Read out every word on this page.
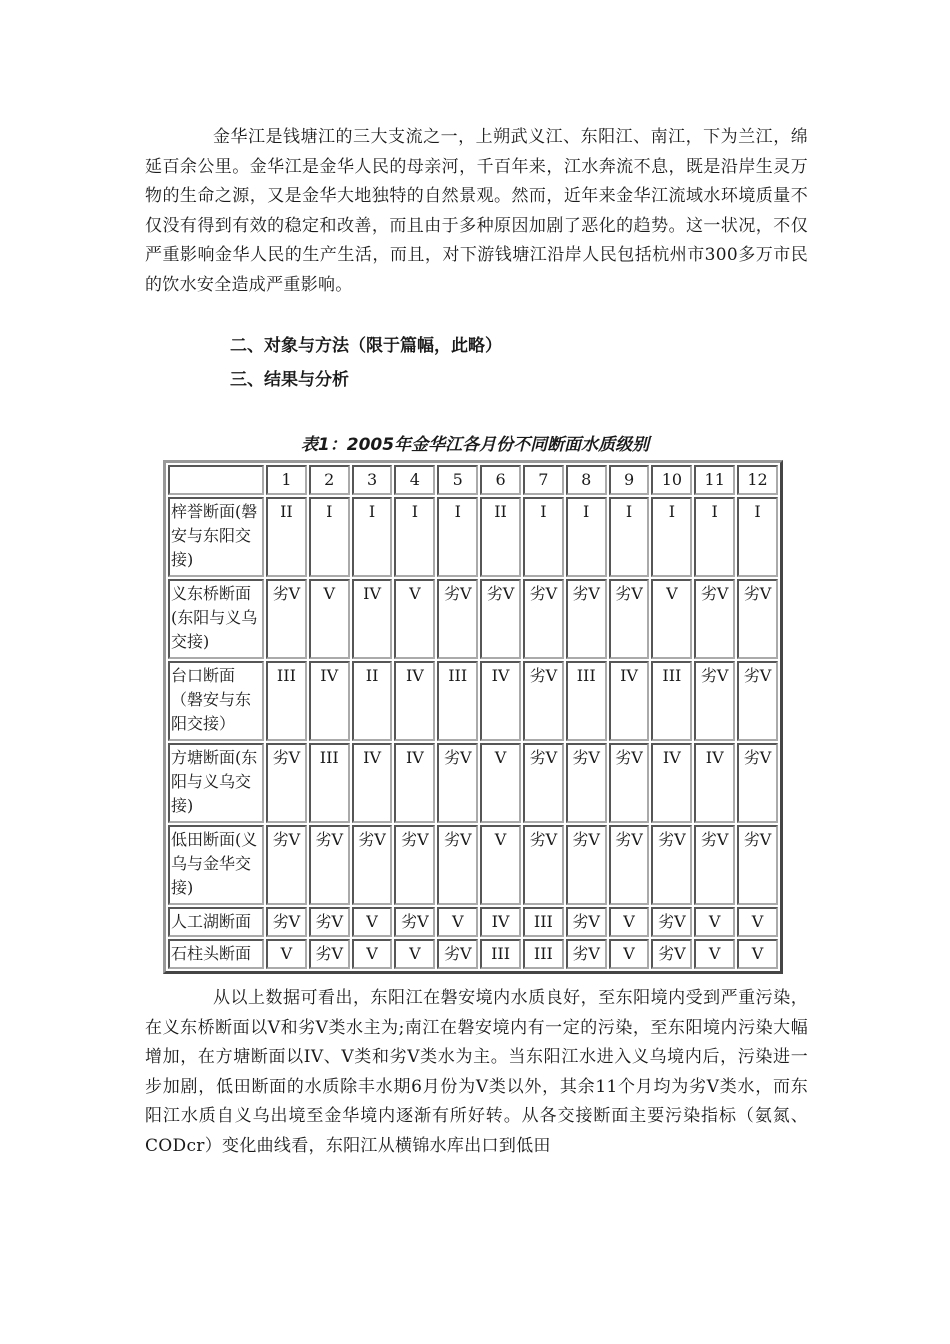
金华江是钱塘江的三大支流之一，上朔武义江、东阳江、南江，下为兰江，绵延百余公里。金华江是金华人民的母亲河，千百年来，江水奔流不息，既是沿岸生灵万物的生命之源，又是金华大地独特的自然景观。然而，近年来金华江流域水环境质量不仅没有得到有效的稳定和改善，而且由于多种原因加剧了恶化的趋势。这一状况，不仅严重影响金华人民的生产生活，而且，对下游钱塘江沿岸人民包括杭州市300多万市民的饮水安全造成严重影响。

二、对象与方法（限于篇幅，此略）

三、结果与分析

表1：2005年金华江各月份不同断面水质级别

	1	2	3	4	5	6	7	8	9	10	11	12
梓誉断面(磐安与东阳交接)	II	I	I	I	I	II	I	I	I	I	I	I
义东桥断面(东阳与义乌交接)	劣V	V	IV	V	劣V	劣V	劣V	劣V	劣V	V	劣V	劣V
台口断面（磐安与东阳交接）	III	IV	II	IV	III	IV	劣V	III	IV	III	劣V	劣V
方塘断面(东阳与义乌交接)	劣V	III	IV	IV	劣V	V	劣V	劣V	劣V	IV	IV	劣V
低田断面(义乌与金华交接)	劣V	劣V	劣V	劣V	劣V	V	劣V	劣V	劣V	劣V	劣V	劣V
人工湖断面	劣V	劣V	V	劣V	V	IV	III	劣V	V	劣V	V	V
石柱头断面	V	劣V	V	V	劣V	III	III	劣V	V	劣V	V	V

从以上数据可看出，东阳江在磐安境内水质良好，至东阳境内受到严重污染，在义东桥断面以V和劣V类水主为;南江在磐安境内有一定的污染，至东阳境内污染大幅增加，在方塘断面以IV、V类和劣V类水为主。当东阳江水进入义乌境内后，污染进一步加剧，低田断面的水质除丰水期6月份为V类以外，其余11个月均为劣V类水，而东阳江水质自义乌出境至金华境内逐渐有所好转。从各交接断面主要污染指标（氨氮、CODcr）变化曲线看，东阳江从横锦水库出口到低田
